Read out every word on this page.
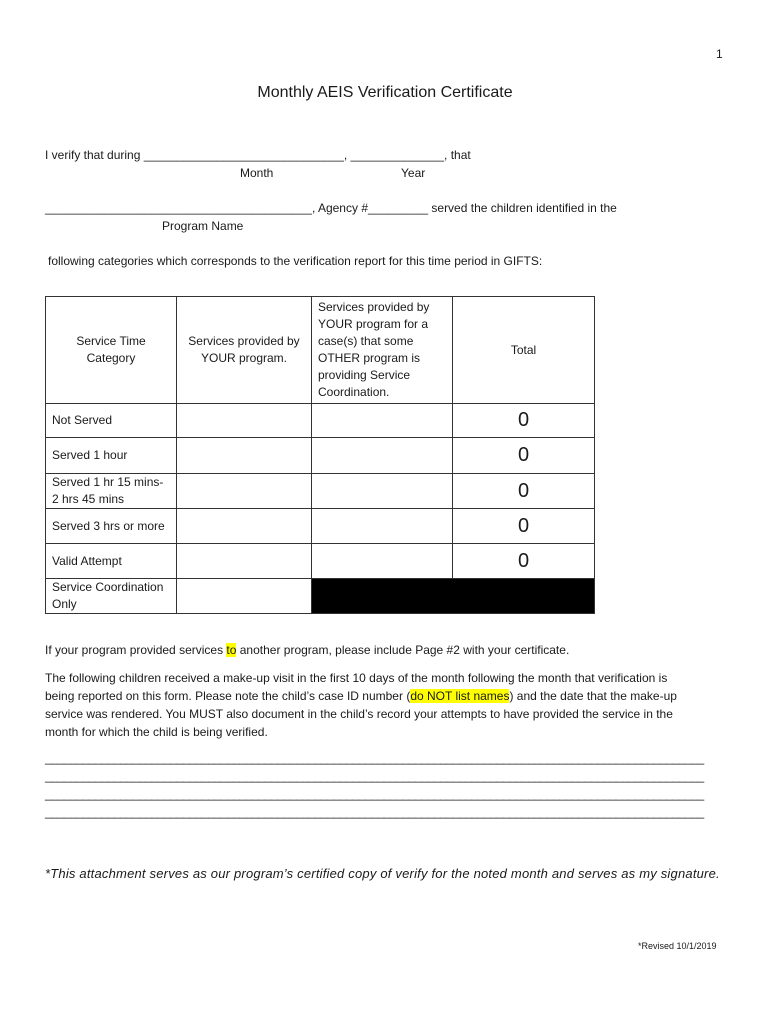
1
Monthly AEIS Verification Certificate
I verify that during ______________________________, ______________, that
Month	Year
________________________________________, Agency #_________ served the children identified in the
Program Name
following categories which corresponds to the verification report for this time period in GIFTS:
Service Time Category	Services provided by YOUR program.	Services provided by YOUR program for a case(s) that some OTHER program is providing Service Coordination.	Total
Not Served			0
Served 1 hour			0
Served 1 hr 15 mins-2 hrs 45 mins			0
Served 3 hrs or more			0
Valid Attempt			0
Service Coordination Only			
If your program provided services to another program, please include Page #2 with your certificate.
The following children received a make-up visit in the first 10 days of the month following the month that verification is
being reported on this form. Please note the child’s case ID number (do NOT list names) and the date that the make-up
service was rendered. You MUST also document in the child’s record your attempts to have provided the service in the
month for which the child is being verified.
_________________________________________________________________________________________________________
_________________________________________________________________________________________________________
_________________________________________________________________________________________________________
_________________________________________________________________________________________________________
*This attachment serves as our program’s certified copy of verify for the noted month and serves as my signature.
*Revised 10/1/2019
